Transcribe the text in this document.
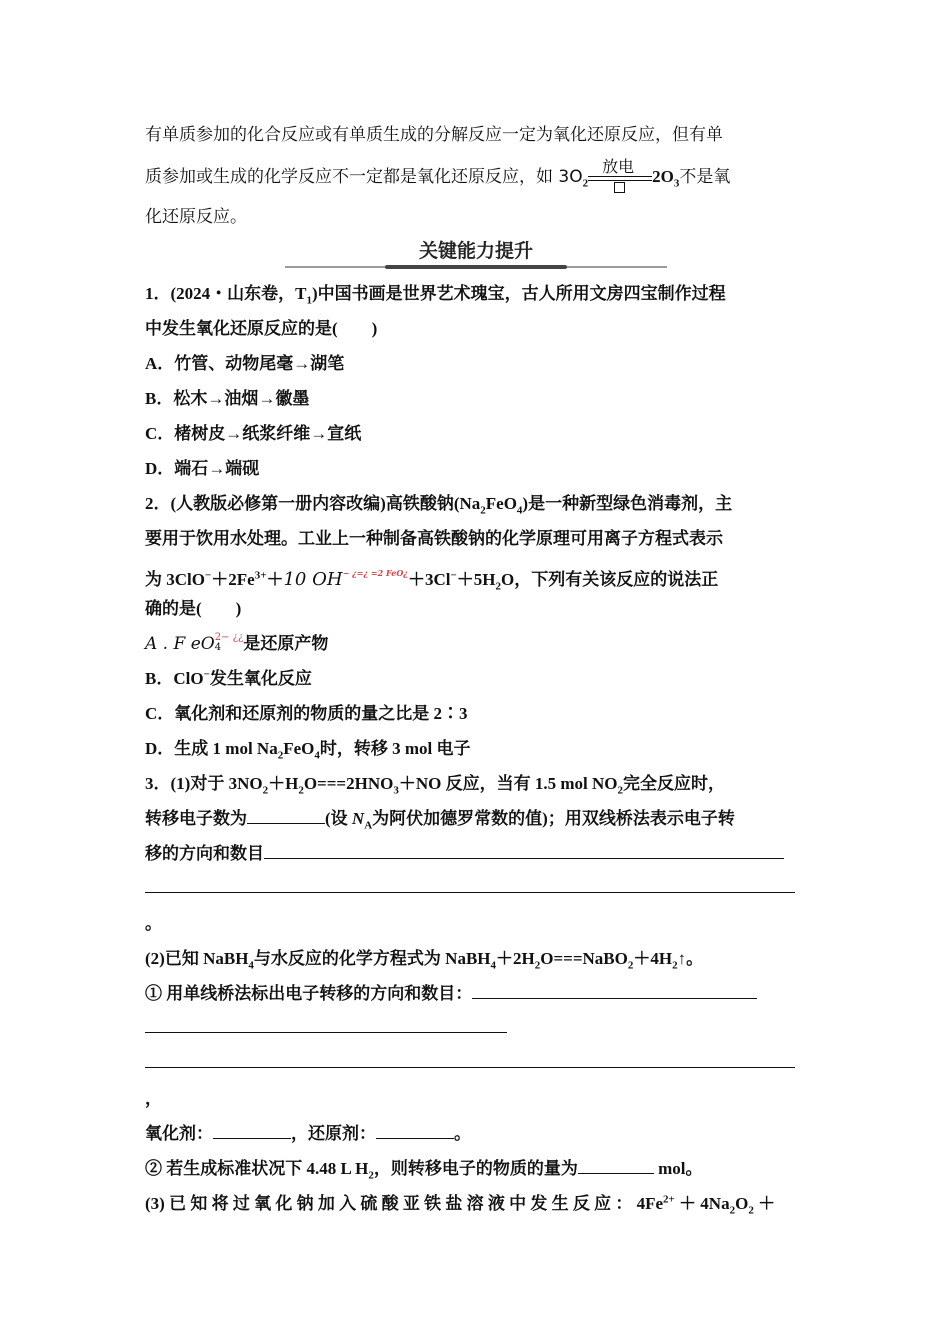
有单质参加的化合反应或有单质生成的分解反应一定为氧化还原反应，但有单
质参加或生成的化学反应不一定都是氧化还原反应，如 $3O_2$
放电 $2O_3$不是氧
化还原反应。
关键能力提升
1．(2024・山东卷，$T_1$)中国书画是世界艺术瑰宝，古人所用文房四宝制作过程
中发生氧化还原反应的是(　　)
A．竹管、动物尾毫→湖笔
B．松木→油烟→徽墨
C．楮树皮→纸浆纤维→宣纸
D．端石→端砚
2．(人教版必修第一册内容改编)高铁酸钠$(Na_2FeO_4)$是一种新型绿色消毒剂，主
要用于饮用水处理。工业上一种制备高铁酸钠的化学原理可用离子方程式表示
为 $3ClO^-+2Fe^{3+}+10$ $OH^{- ¿=¿ =2 FeO¿}+3Cl^-+5H_2O$，下列有关该反应的说法正
确的是(　　)
A . F eO 2− ¿¿
4	是还原产物
B．ClO−发生氧化反应
C．氧化剂和还原剂的物质的量之比是 2∶3
D．生成 1 mol $Na_2FeO_4$时，转移 3 mol 电子
3．(1)对于 $3NO_2+H_2O===2HNO_3+NO$ 反应，当有 1.5 mol $NO_2$完全反应时，
转移电子数为	(设 $N_A$为阿伏加德罗常数的值)；用双线桥法表示电子转
移的方向和数目
。
(2)已知 NaBH$_4$与水反应的化学方程式为 $NaBH_4+2H_2O===NaBO_2+4H_2↑$。
① 用单线桥法标出电子转移的方向和数目：
，
氧化剂：	，还原剂：	。
② 若生成标准状况下 4.48 L $H_2$，则转移电子的物质的量为	mol。
(3) 已 知 将 过 氧 化 钠 加 入 硫 酸 亚 铁 盐 溶 液 中 发 生 反 应 ： $4Fe^{2+} + 4Na_2O_2$ ＋
